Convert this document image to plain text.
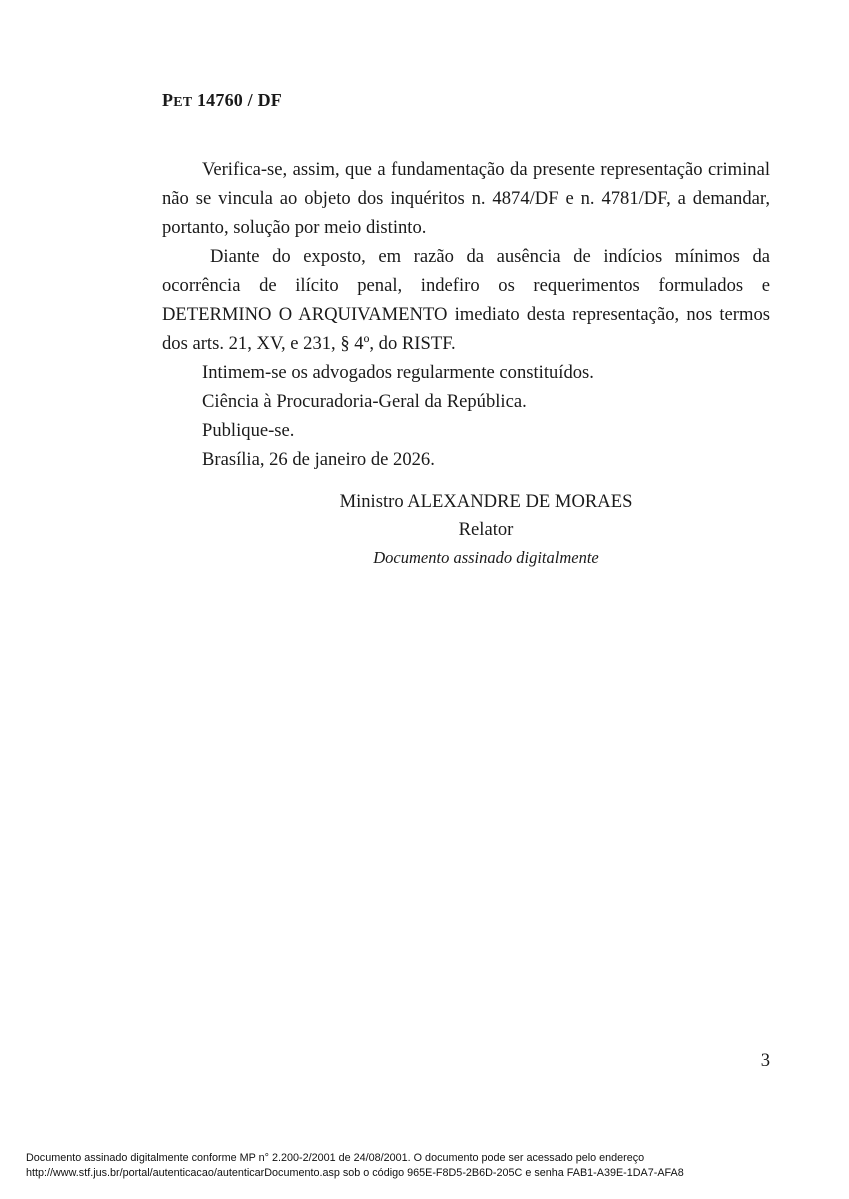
PET 14760 / DF

Verifica-se, assim, que a fundamentação da presente representação criminal não se vincula ao objeto dos inquéritos n. 4874/DF e n. 4781/DF, a demandar, portanto, solução por meio distinto.

Diante do exposto, em razão da ausência de indícios mínimos da ocorrência de ilícito penal, indefiro os requerimentos formulados e DETERMINO O ARQUIVAMENTO imediato desta representação, nos termos dos arts. 21, XV, e 231, § 4º, do RISTF.

Intimem-se os advogados regularmente constituídos.

Ciência à Procuradoria-Geral da República.

Publique-se.

Brasília, 26 de janeiro de 2026.

Ministro ALEXANDRE DE MORAES
Relator
Documento assinado digitalmente
3
Documento assinado digitalmente conforme MP n° 2.200-2/2001 de 24/08/2001. O documento pode ser acessado pelo endereço
http://www.stf.jus.br/portal/autenticacao/autenticarDocumento.asp sob o código 965E-F8D5-2B6D-205C e senha FAB1-A39E-1DA7-AFA8
